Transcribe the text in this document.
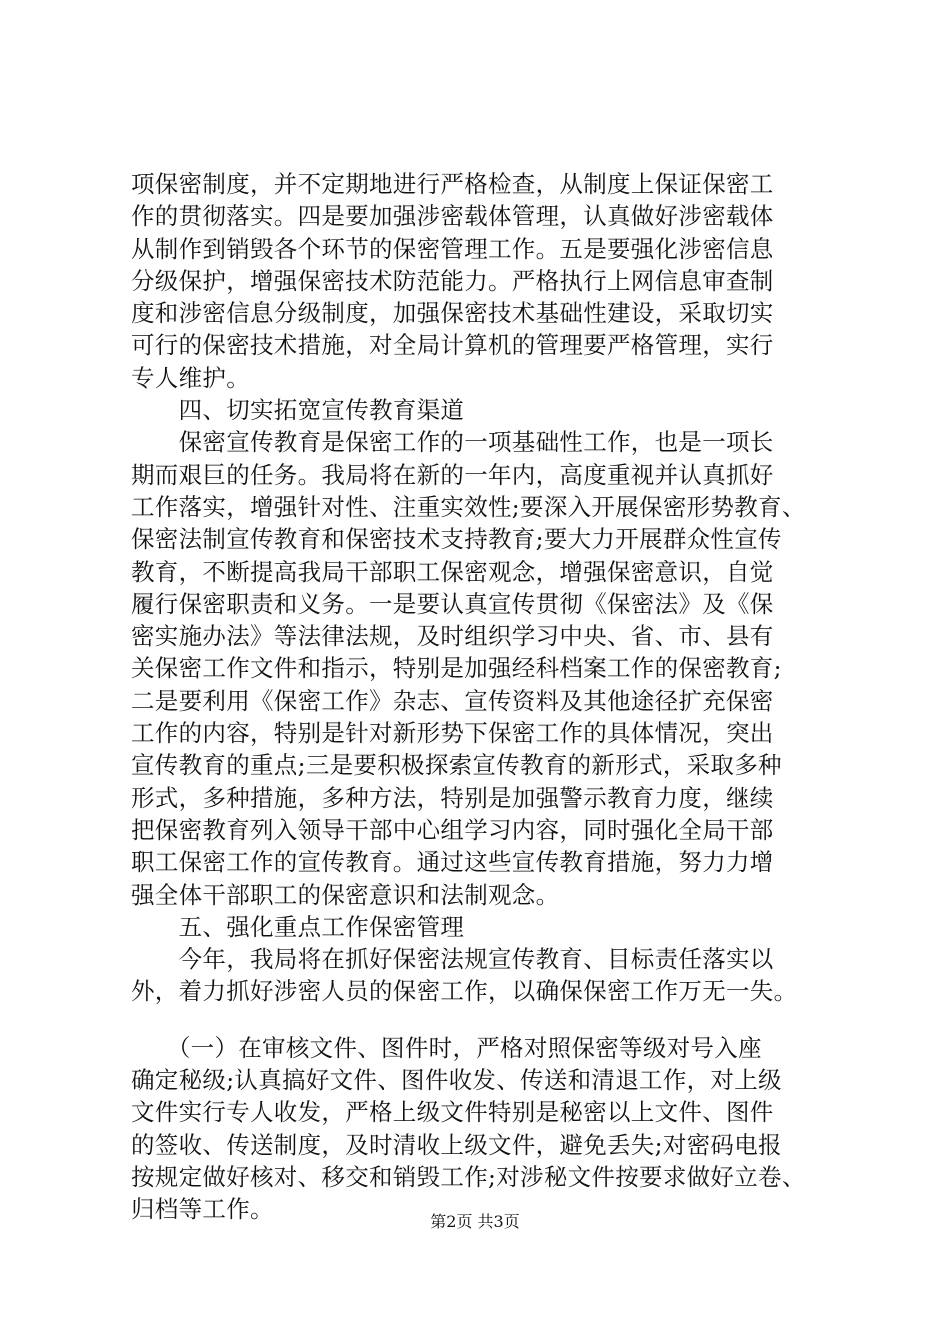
项保密制度，并不定期地进行严格检查，从制度上保证保密工
作的贯彻落实。四是要加强涉密载体管理，认真做好涉密载体
从制作到销毁各个环节的保密管理工作。五是要强化涉密信息
分级保护，增强保密技术防范能力。严格执行上网信息审查制
度和涉密信息分级制度，加强保密技术基础性建设，采取切实
可行的保密技术措施，对全局计算机的管理要严格管理，实行
专人维护。
　　四、切实拓宽宣传教育渠道
　　保密宣传教育是保密工作的一项基础性工作，也是一项长
期而艰巨的任务。我局将在新的一年内，高度重视并认真抓好
工作落实，增强针对性、注重实效性;要深入开展保密形势教育、
保密法制宣传教育和保密技术支持教育;要大力开展群众性宣传
教育，不断提高我局干部职工保密观念，增强保密意识，自觉
履行保密职责和义务。一是要认真宣传贯彻《保密法》及《保
密实施办法》等法律法规，及时组织学习中央、省、市、县有
关保密工作文件和指示，特别是加强经科档案工作的保密教育;
二是要利用《保密工作》杂志、宣传资料及其他途径扩充保密
工作的内容，特别是针对新形势下保密工作的具体情况，突出
宣传教育的重点;三是要积极探索宣传教育的新形式，采取多种
形式，多种措施，多种方法，特别是加强警示教育力度，继续
把保密教育列入领导干部中心组学习内容，同时强化全局干部
职工保密工作的宣传教育。通过这些宣传教育措施，努力力增
强全体干部职工的保密意识和法制观念。
　　五、强化重点工作保密管理
　　今年，我局将在抓好保密法规宣传教育、目标责任落实以
外，着力抓好涉密人员的保密工作，以确保保密工作万无一失。
　　（一）在审核文件、图件时，严格对照保密等级对号入座
确定秘级;认真搞好文件、图件收发、传送和清退工作，对上级
文件实行专人收发，严格上级文件特别是秘密以上文件、图件
的签收、传送制度，及时清收上级文件，避免丢失;对密码电报
按规定做好核对、移交和销毁工作;对涉秘文件按要求做好立卷、
归档等工作。	第2页 共3页
